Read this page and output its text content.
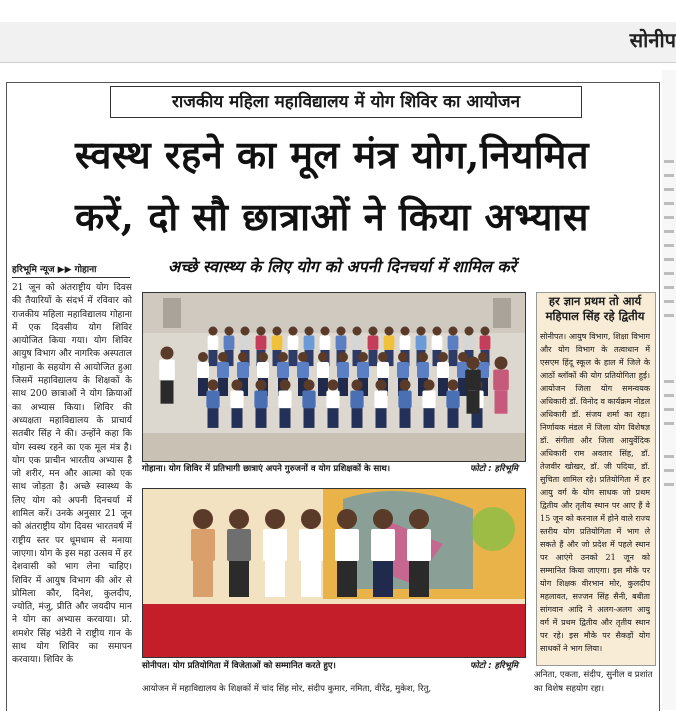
सोनीप
राजकीय महिला महाविद्यालय में योग शिविर का आयोजन
स्वस्थ रहने का मूल मंत्र योग,नियमित
करें, दो सौ छात्राओं ने किया अभ्यास
अच्छे स्वास्थ्य के लिए योग को अपनी दिनचर्या में शामिल करें
हरिभूमि न्यूज ▶▶ गोहाना

21 जून को अंतराष्ट्रीय योग दिवस की तैयारियों के संदर्भ में रविवार को राजकीय महिला महाविद्यालय गोहाना में एक दिवसीय योग शिविर आयोजित किया गया। योग शिविर आयुष विभाग और नागरिक अस्पताल गोहाना के सहयोग से आयोजित हुआ जिसमें महाविद्यालय के शिक्षकों के साथ 200 छात्राओं ने योग क्रियाओं का अभ्यास किया। शिविर की अध्यक्षता महाविद्यालय के प्राचार्य सतबीर सिंह ने की। उन्होंने कहा कि योग स्वस्थ रहने का एक मूल मंत्र है। योग एक प्राचीन भारतीय अभ्यास है जो शरीर, मन और आत्मा को एक साथ जोड़ता है। अच्छे स्वास्थ्य के लिए योग को अपनी दिनचर्या में शामिल करें। उनके अनुसार 21 जून को अंतराष्ट्रीय योग दिवस भारतवर्ष में राष्ट्रीय स्तर पर धूमधाम से मनाया जाएगा। योग के इस महा उत्सव में हर देशवासी को भाग लेना चाहिए। शिविर में आयुष विभाग की ओर से प्रोमिला कौर, दिनेश, कुलदीप, ज्योति, मंजु, प्रीति और जयदीप मान ने योग का अभ्यास करवाया। प्रो. शमशेर सिंह भंडेरी ने राष्ट्रीय गान के साथ योग शिविर का समापन करवाया। शिविर के

गोहाना। योग शिविर में प्रतिभागी छात्राएं अपने गुरुजनों व योग प्रशिक्षकों के साथ।	फोटो : हरिभूमि
सोनीपत। योग प्रतियोगिता में विजेताओं को सम्मानित करते हुए।	फोटो : हरिभूमि
आयोजन में महाविद्यालय के शिक्षकों में चांद सिंह मोर, संदीप कुमार, नमिता, वीरेंद्र, मुकेश, रितु,
हर ज्ञान प्रथम तो आर्य महिपाल सिंह रहे द्वितीय

सोनीपत। आयुष विभाग, शिक्षा विभाग और योग विभाग के तत्वाधान में एसएम हिंदू स्कूल के हाल में जिले के आठों ब्लॉकों की योग प्रतियोगिता हुई। आयोजन जिला योग समन्वयक अधिकारी डॉ. विनोद व कार्यक्रम नोडल अधिकारी डॉ. संजय शर्मा का रहा। निर्णायक मंडल में जिला योग विशेषज्ञ डॉ. संगीता और जिला आयुर्वेदिक अधिकारी राम अवतार सिंह, डॉ. तेजवीर खोखर, डॉ. जी पदिया, डॉ. सुचिता शामिल रहे। प्रतियोगिता में हर आयु वर्ग के योग साधक जो प्रथम द्वितीय और तृतीय स्थान पर आए हैं वे 15 जून को करनाल में होने वाले राज्य स्तरीय योग प्रतियोगिता में भाग ले सकते हैं और जो प्रदेश में पहले स्थान पर आएंगे उनको 21 जून को सम्मानित किया जाएगा। इस मौके पर योग शिक्षक वीरभान मोर, कुलदीप महलावत, सज्जन सिंह सैनी, बबीता सांगवान आदि ने अलग-अलग आयु वर्ग में प्रथम द्वितीय और तृतीय स्थान पर रहे। इस मौके पर सैकड़ों योग साधकों ने भाग लिया।

अनिता, एकता, संदीप, सुनील व प्रशांत का विशेष सहयोग रहा।
